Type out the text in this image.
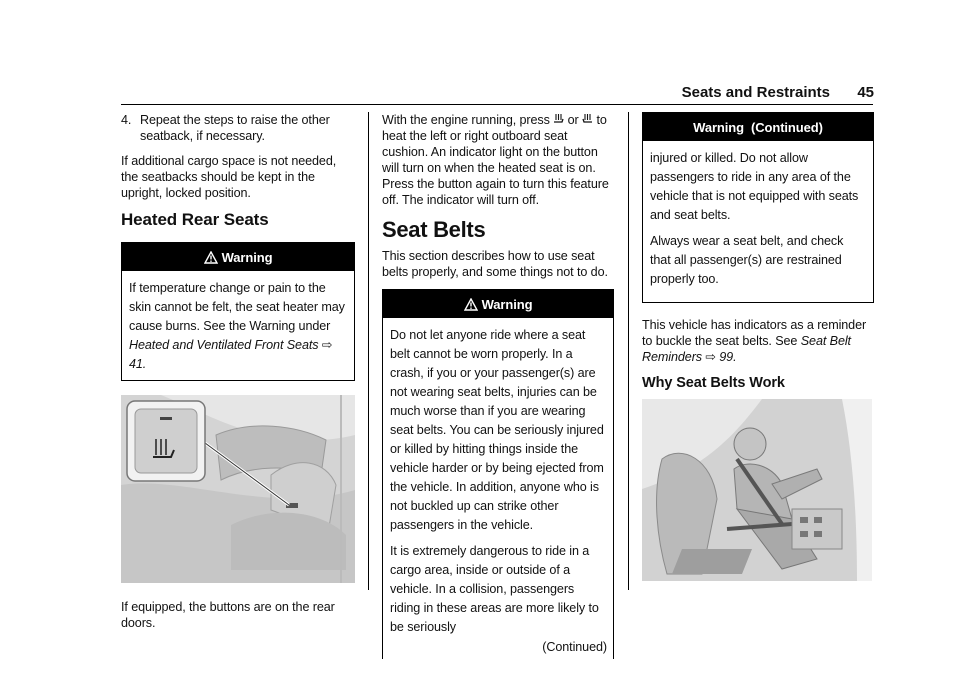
Seats and Restraints 45

4. Repeat the steps to raise the other seatback, if necessary.

If additional cargo space is not needed, the seatbacks should be kept in the upright, locked position.

Heated Rear Seats
Warning
If temperature change or pain to the skin cannot be felt, the seat heater may cause burns. See the Warning under Heated and Ventilated Front Seats ⇨ 41.

If equipped, the buttons are on the rear doors.

With the engine running, press or to heat the left or right outboard seat cushion. An indicator light on the button will turn on when the heated seat is on. Press the button again to turn this feature off. The indicator will turn off.

Seat Belts

This section describes how to use seat belts properly, and some things not to do.

Warning

Do not let anyone ride where a seat belt cannot be worn properly. In a crash, if you or your passenger(s) are not wearing seat belts, injuries can be much worse than if you are wearing seat belts. You can be seriously injured or killed by hitting things inside the vehicle harder or by being ejected from the vehicle. In addition, anyone who is not buckled up can strike other passengers in the vehicle.

It is extremely dangerous to ride in a cargo area, inside or outside of a vehicle. In a collision, passengers riding in these areas are more likely to be seriously

(Continued)
Warning  (Continued)

injured or killed. Do not allow passengers to ride in any area of the vehicle that is not equipped with seats and seat belts.

Always wear a seat belt, and check that all passenger(s) are restrained properly too.

This vehicle has indicators as a reminder to buckle the seat belts. See Seat Belt Reminders ⇨ 99.

Why Seat Belts Work
